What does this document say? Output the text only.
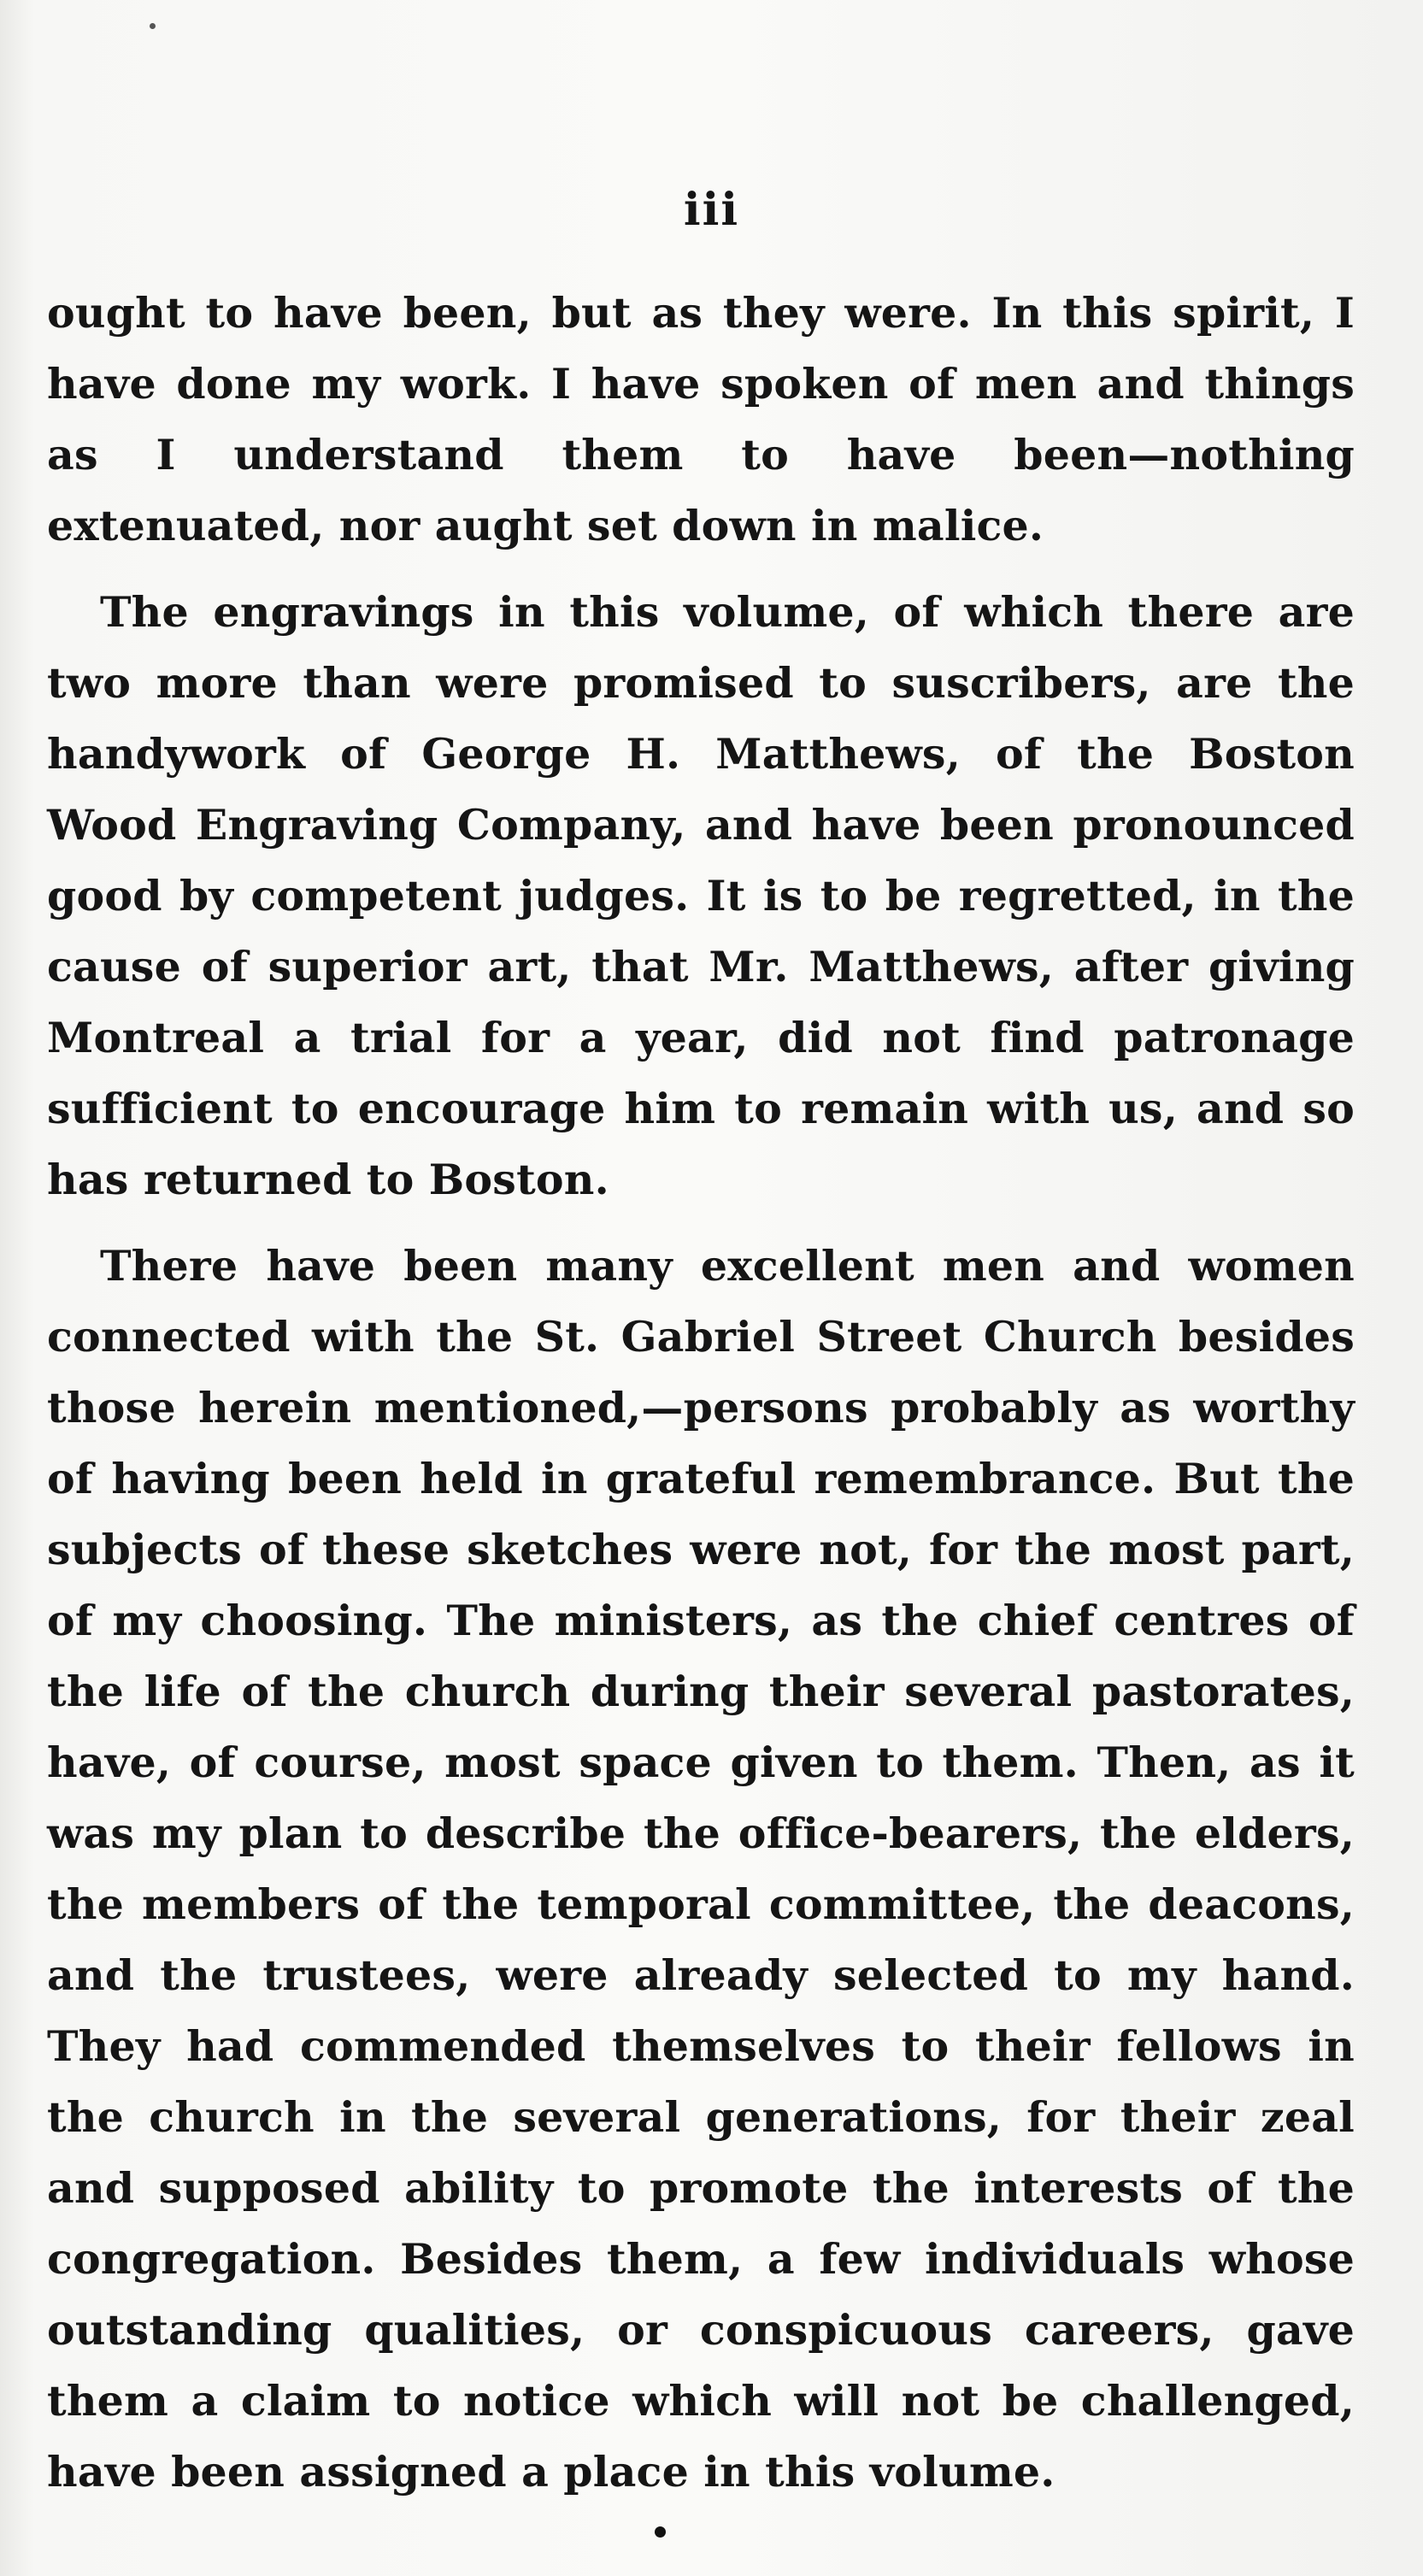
iii

ought to have been, but as they were. In this spirit, I have done my work. I have spoken of men and things as I understand them to have been—nothing extenuated, nor aught set down in malice.

The engravings in this volume, of which there are two more than were promised to suscribers, are the handywork of George H. Matthews, of the Boston Wood Engraving Company, and have been pronounced good by competent judges. It is to be regretted, in the cause of superior art, that Mr. Matthews, after giving Montreal a trial for a year, did not find patronage sufficient to encourage him to remain with us, and so has returned to Boston.

There have been many excellent men and women connected with the St. Gabriel Street Church besides those herein mentioned,—persons probably as worthy of having been held in grateful remembrance. But the subjects of these sketches were not, for the most part, of my choosing. The ministers, as the chief centres of the life of the church during their several pastorates, have, of course, most space given to them. Then, as it was my plan to describe the office-bearers, the elders, the members of the temporal committee, the deacons, and the trustees, were already selected to my hand. They had commended themselves to their fellows in the church in the several generations, for their zeal and supposed ability to promote the interests of the congregation. Besides them, a few individuals whose outstanding qualities, or conspicuous careers, gave them a claim to notice which will not be challenged, have been assigned a place in this volume.
